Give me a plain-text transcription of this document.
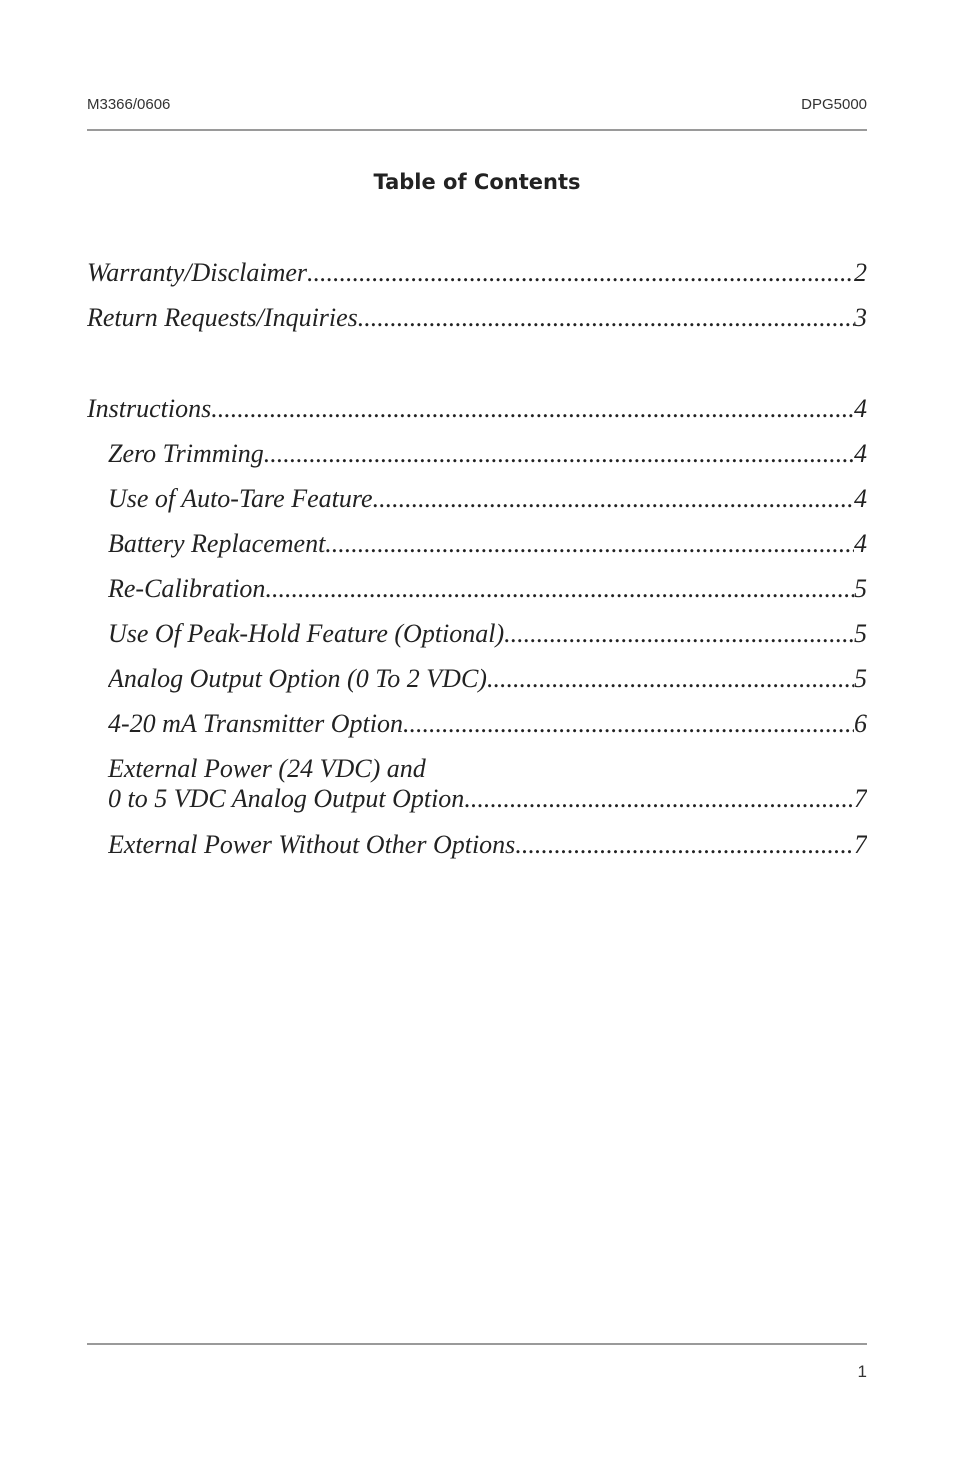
M3366/0606	DPG5000
Table of Contents
Warranty/Disclaimer .....	2
Return Requests/Inquiries .....	3
Instructions .....	4
Zero Trimming .....	4
Use of Auto-Tare Feature .....	4
Battery Replacement .....	4
Re-Calibration .....	5
Use Of Peak-Hold Feature (Optional) .....	5
Analog Output Option (0 To 2 VDC) .....	5
4-20 mA Transmitter Option .....	6
External Power (24 VDC) and
0 to 5 VDC Analog Output Option .....	7
External Power Without Other Options .....	7
1
